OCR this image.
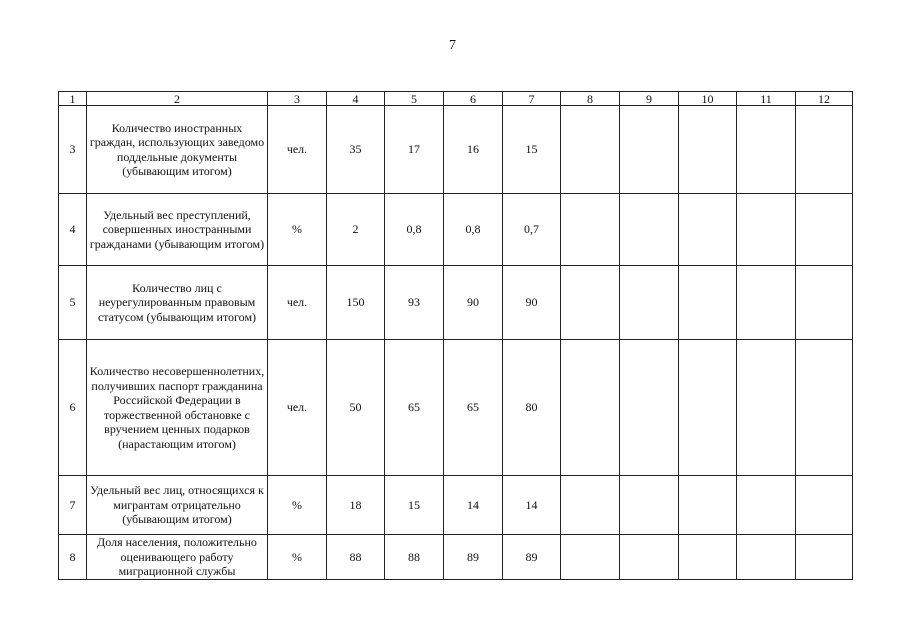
7
1	2	3	4	5	6	7	8	9	10	11	12
3	Количество иностранных граждан, использующих заведомо поддельные документы (убывающим итогом)	чел.	35	17	16	15					
4	Удельный вес преступлений, совершенных иностранными гражданами (убывающим итогом)	%	2	0,8	0,8	0,7					
5	Количество лиц с неурегулированным правовым статусом (убывающим итогом)	чел.	150	93	90	90					
6	Количество несовершеннолетних, получивших паспорт гражданина Российской Федерации в торжественной обстановке с вручением ценных подарков (нарастающим итогом)	чел.	50	65	65	80					
7	Удельный вес лиц, относящихся к мигрантам отрицательно (убывающим итогом)	%	18	15	14	14					
8	Доля населения, положительно оценивающего работу миграционной службы	%	88	88	89	89					
